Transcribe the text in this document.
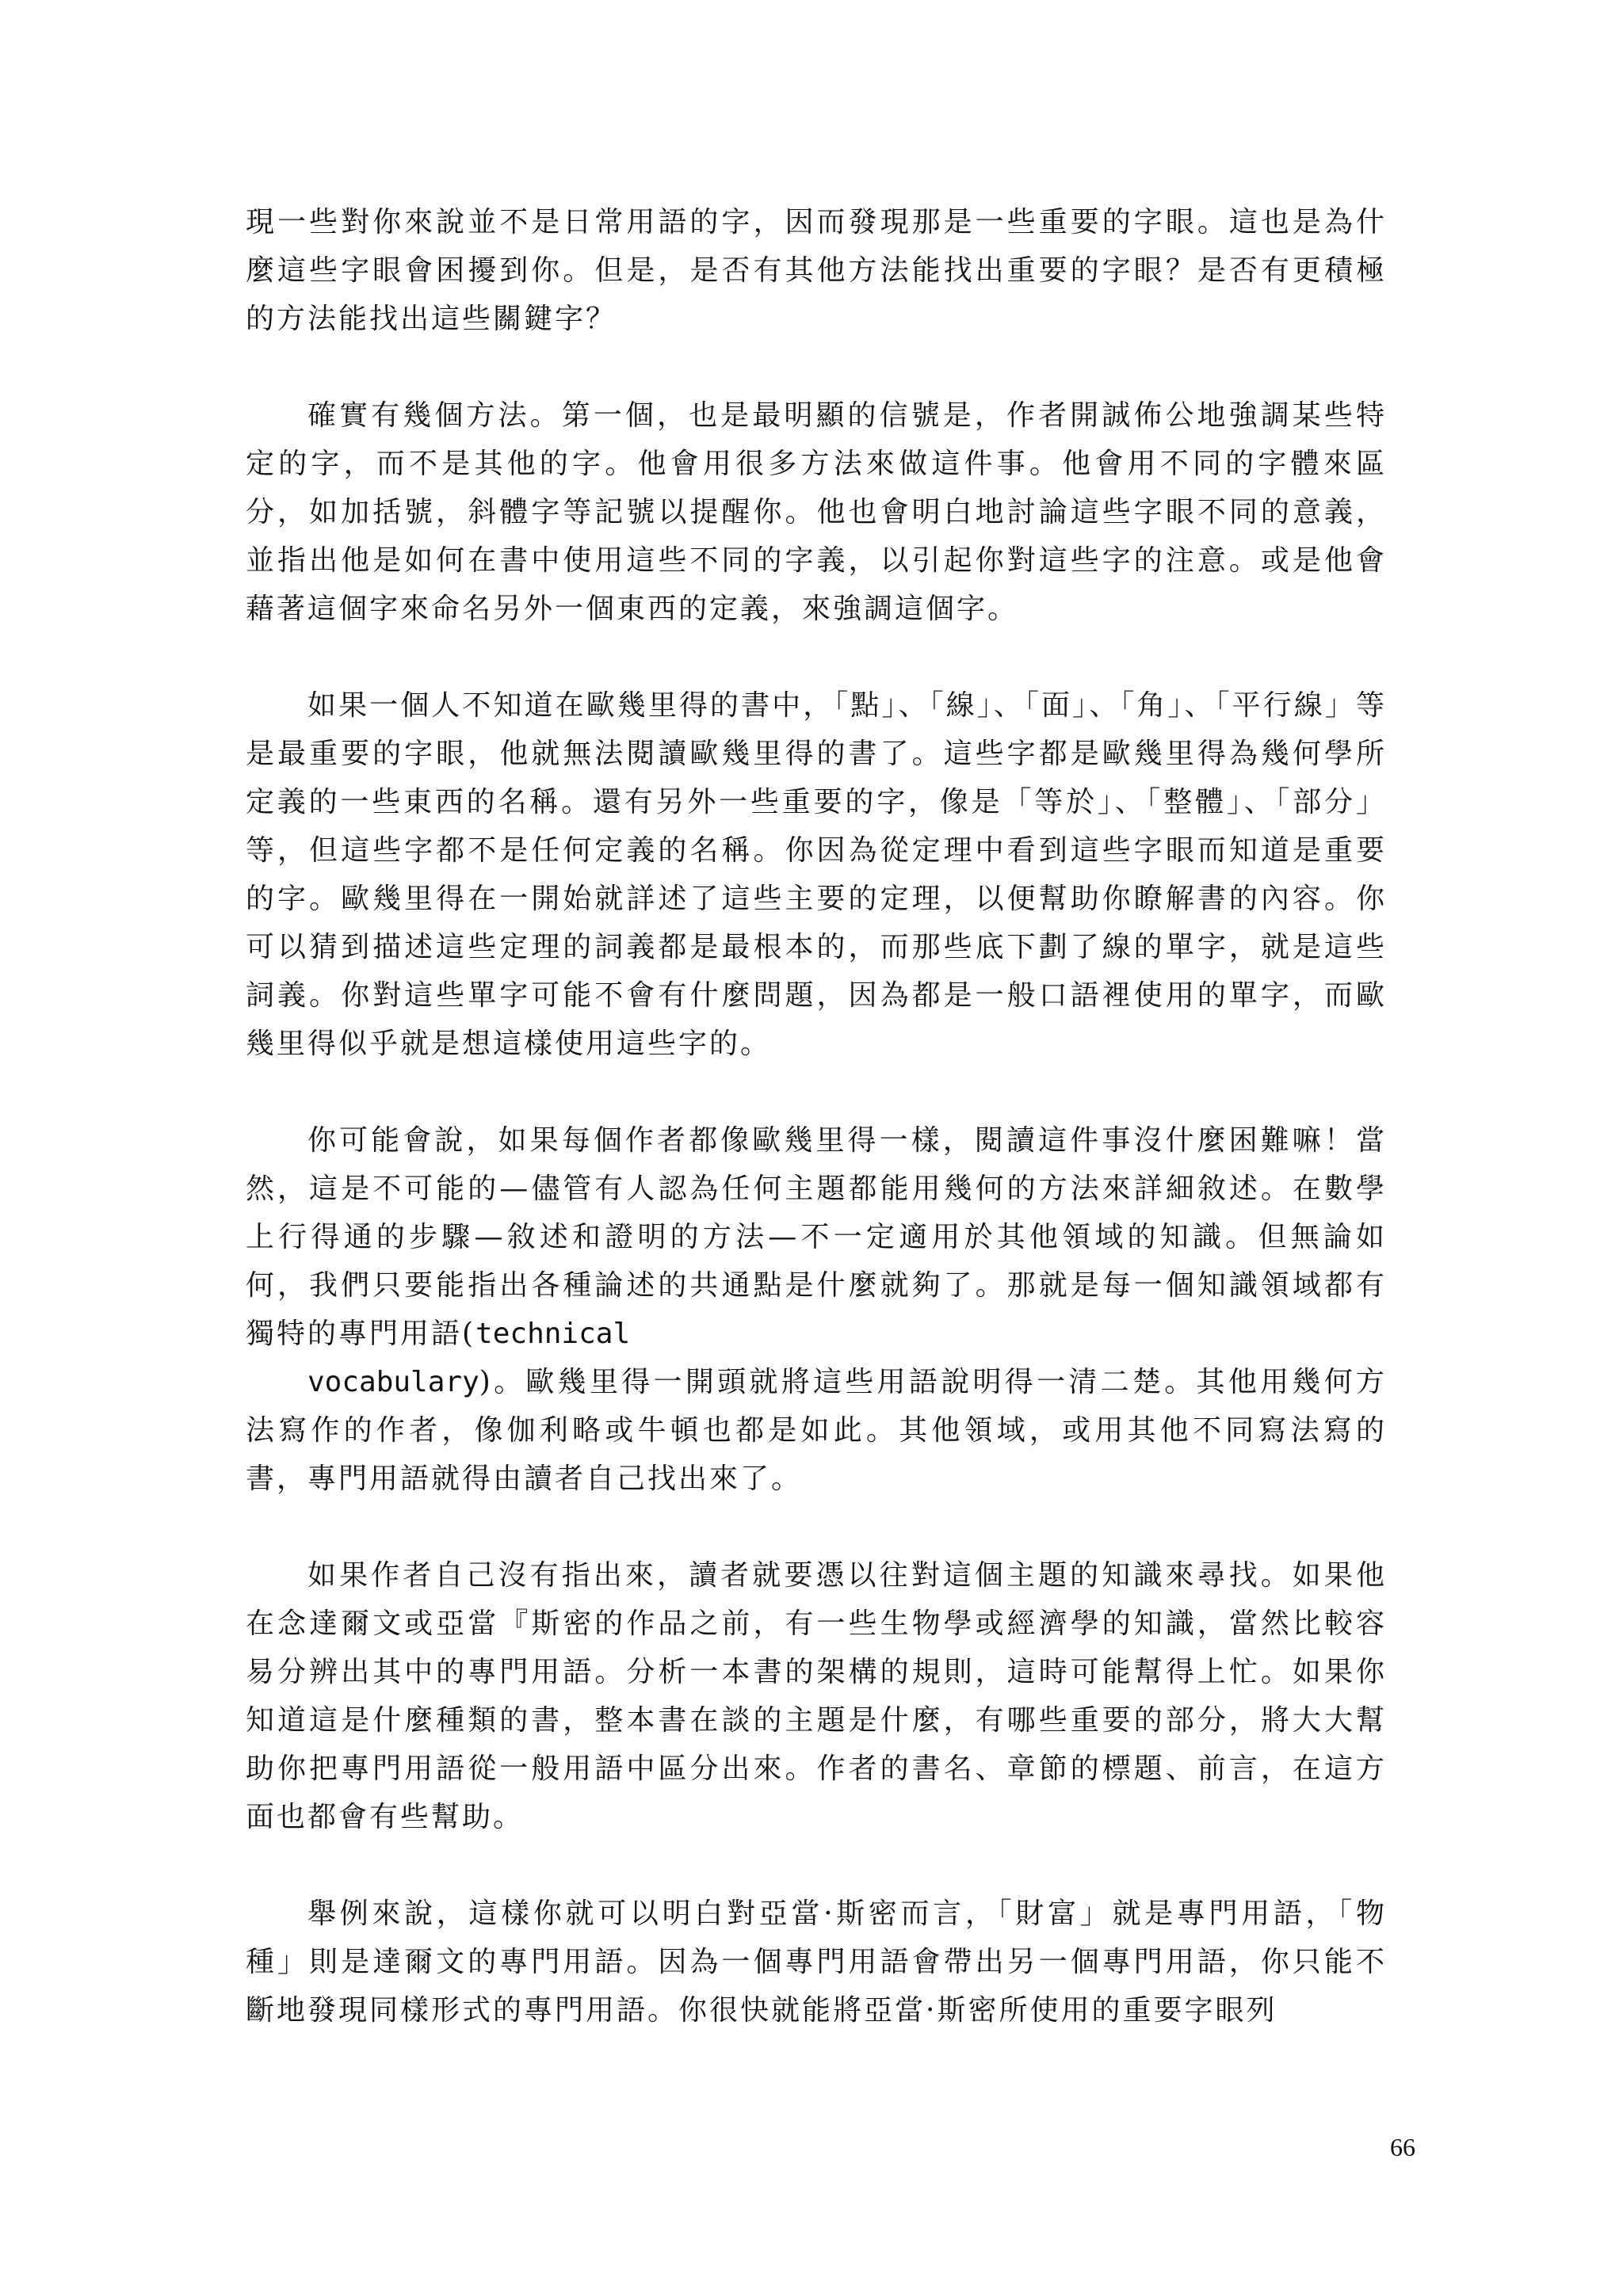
現一些對你來說並不是日常用語的字，因而發現那是一些重要的字眼。這也是為什麼這些字眼會困擾到你。但是，是否有其他方法能找出重要的字眼？是否有更積極的方法能找出這些關鍵字？

確實有幾個方法。第一個，也是最明顯的信號是，作者開誠佈公地強調某些特定的字，而不是其他的字。他會用很多方法來做這件事。他會用不同的字體來區分，如加括號，斜體字等記號以提醒你。他也會明白地討論這些字眼不同的意義，並指出他是如何在書中使用這些不同的字義，以引起你對這些字的注意。或是他會藉著這個字來命名另外一個東西的定義，來強調這個字。

如果一個人不知道在歐幾里得的書中，「點」、「線」、「面」、「角」、「平行線」等是最重要的字眼，他就無法閱讀歐幾里得的書了。這些字都是歐幾里得為幾何學所定義的一些東西的名稱。還有另外一些重要的字，像是「等於」、「整體」、「部分」等，但這些字都不是任何定義的名稱。你因為從定理中看到這些字眼而知道是重要的字。歐幾里得在一開始就詳述了這些主要的定理，以便幫助你瞭解書的內容。你可以猜到描述這些定理的詞義都是最根本的，而那些底下劃了線的單字，就是這些詞義。你對這些單字可能不會有什麼問題，因為都是一般口語裡使用的單字，而歐幾里得似乎就是想這樣使用這些字的。

你可能會說，如果每個作者都像歐幾里得一樣，閱讀這件事沒什麼困難嘛！當然，這是不可能的—儘管有人認為任何主題都能用幾何的方法來詳細敘述。在數學上行得通的步驟—敘述和證明的方法—不一定適用於其他領域的知識。但無論如何，我們只要能指出各種論述的共通點是什麼就夠了。那就是每一個知識領域都有獨特的專門用語(technical
vocabulary)。歐幾里得一開頭就將這些用語說明得一清二楚。其他用幾何方法寫作的作者，像伽利略或牛頓也都是如此。其他領域，或用其他不同寫法寫的書，專門用語就得由讀者自己找出來了。

如果作者自己沒有指出來，讀者就要憑以往對這個主題的知識來尋找。如果他在念達爾文或亞當『斯密的作品之前，有一些生物學或經濟學的知識，當然比較容易分辨出其中的專門用語。分析一本書的架構的規則，這時可能幫得上忙。如果你知道這是什麼種類的書，整本書在談的主題是什麼，有哪些重要的部分，將大大幫助你把專門用語從一般用語中區分出來。作者的書名、章節的標題、前言，在這方面也都會有些幫助。

舉例來說，這樣你就可以明白對亞當·斯密而言，「財富」就是專門用語，「物種」則是達爾文的專門用語。因為一個專門用語會帶出另一個專門用語，你只能不斷地發現同樣形式的專門用語。你很快就能將亞當·斯密所使用的重要字眼列

66
